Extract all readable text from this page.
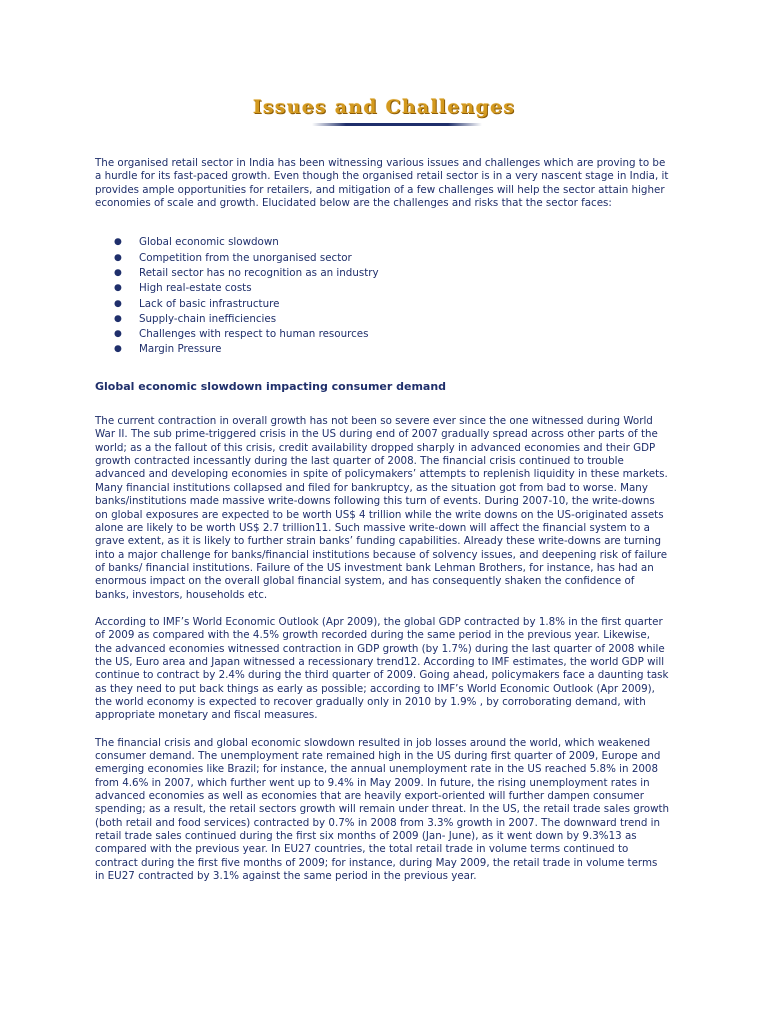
Issues and Challenges

The organised retail sector in India has been witnessing various issues and challenges which are proving to be a hurdle for its fast-paced growth. Even though the organised retail sector is in a very nascent stage in India, it provides ample opportunities for retailers, and mitigation of a few challenges will help the sector attain higher economies of scale and growth. Elucidated below are the challenges and risks that the sector faces:

● Global economic slowdown
● Competition from the unorganised sector
● Retail sector has no recognition as an industry
● High real-estate costs
● Lack of basic infrastructure
● Supply-chain inefficiencies
● Challenges with respect to human resources
● Margin Pressure

Global economic slowdown impacting consumer demand

The current contraction in overall growth has not been so severe ever since the one witnessed during World War II. The sub prime-triggered crisis in the US during end of 2007 gradually spread across other parts of the world; as a the fallout of this crisis, credit availability dropped sharply in advanced economies and their GDP growth contracted incessantly during the last quarter of 2008. The financial crisis continued to trouble advanced and developing economies in spite of policymakers’ attempts to replenish liquidity in these markets. Many financial institutions collapsed and filed for bankruptcy, as the situation got from bad to worse. Many banks/institutions made massive write-downs following this turn of events. During 2007-10, the write-downs on global exposures are expected to be worth US$ 4 trillion while the write downs on the US-originated assets alone are likely to be worth US$ 2.7 trillion11. Such massive write-down will affect the financial system to a grave extent, as it is likely to further strain banks’ funding capabilities. Already these write-downs are turning into a major challenge for banks/financial institutions because of solvency issues, and deepening risk of failure of banks/ financial institutions. Failure of the US investment bank Lehman Brothers, for instance, has had an enormous impact on the overall global financial system, and has consequently shaken the confidence of banks, investors, households etc.

According to IMF’s World Economic Outlook (Apr 2009), the global GDP contracted by 1.8% in the first quarter of 2009 as compared with the 4.5% growth recorded during the same period in the previous year. Likewise, the advanced economies witnessed contraction in GDP growth (by 1.7%) during the last quarter of 2008 while the US, Euro area and Japan witnessed a recessionary trend12. According to IMF estimates, the world GDP will continue to contract by 2.4% during the third quarter of 2009. Going ahead, policymakers face a daunting task as they need to put back things as early as possible; according to IMF’s World Economic Outlook (Apr 2009), the world economy is expected to recover gradually only in 2010 by 1.9% , by corroborating demand, with appropriate monetary and fiscal measures.

The financial crisis and global economic slowdown resulted in job losses around the world, which weakened consumer demand. The unemployment rate remained high in the US during first quarter of 2009, Europe and emerging economies like Brazil; for instance, the annual unemployment rate in the US reached 5.8% in 2008 from 4.6% in 2007, which further went up to 9.4% in May 2009. In future, the rising unemployment rates in advanced economies as well as economies that are heavily export-oriented will further dampen consumer spending; as a result, the retail sectors growth will remain under threat. In the US, the retail trade sales growth (both retail and food services) contracted by 0.7% in 2008 from 3.3% growth in 2007. The downward trend in retail trade sales continued during the first six months of 2009 (Jan- June), as it went down by 9.3%13 as compared with the previous year. In EU27 countries, the total retail trade in volume terms continued to contract during the first five months of 2009; for instance, during May 2009, the retail trade in volume terms in EU27 contracted by 3.1% against the same period in the previous year.
